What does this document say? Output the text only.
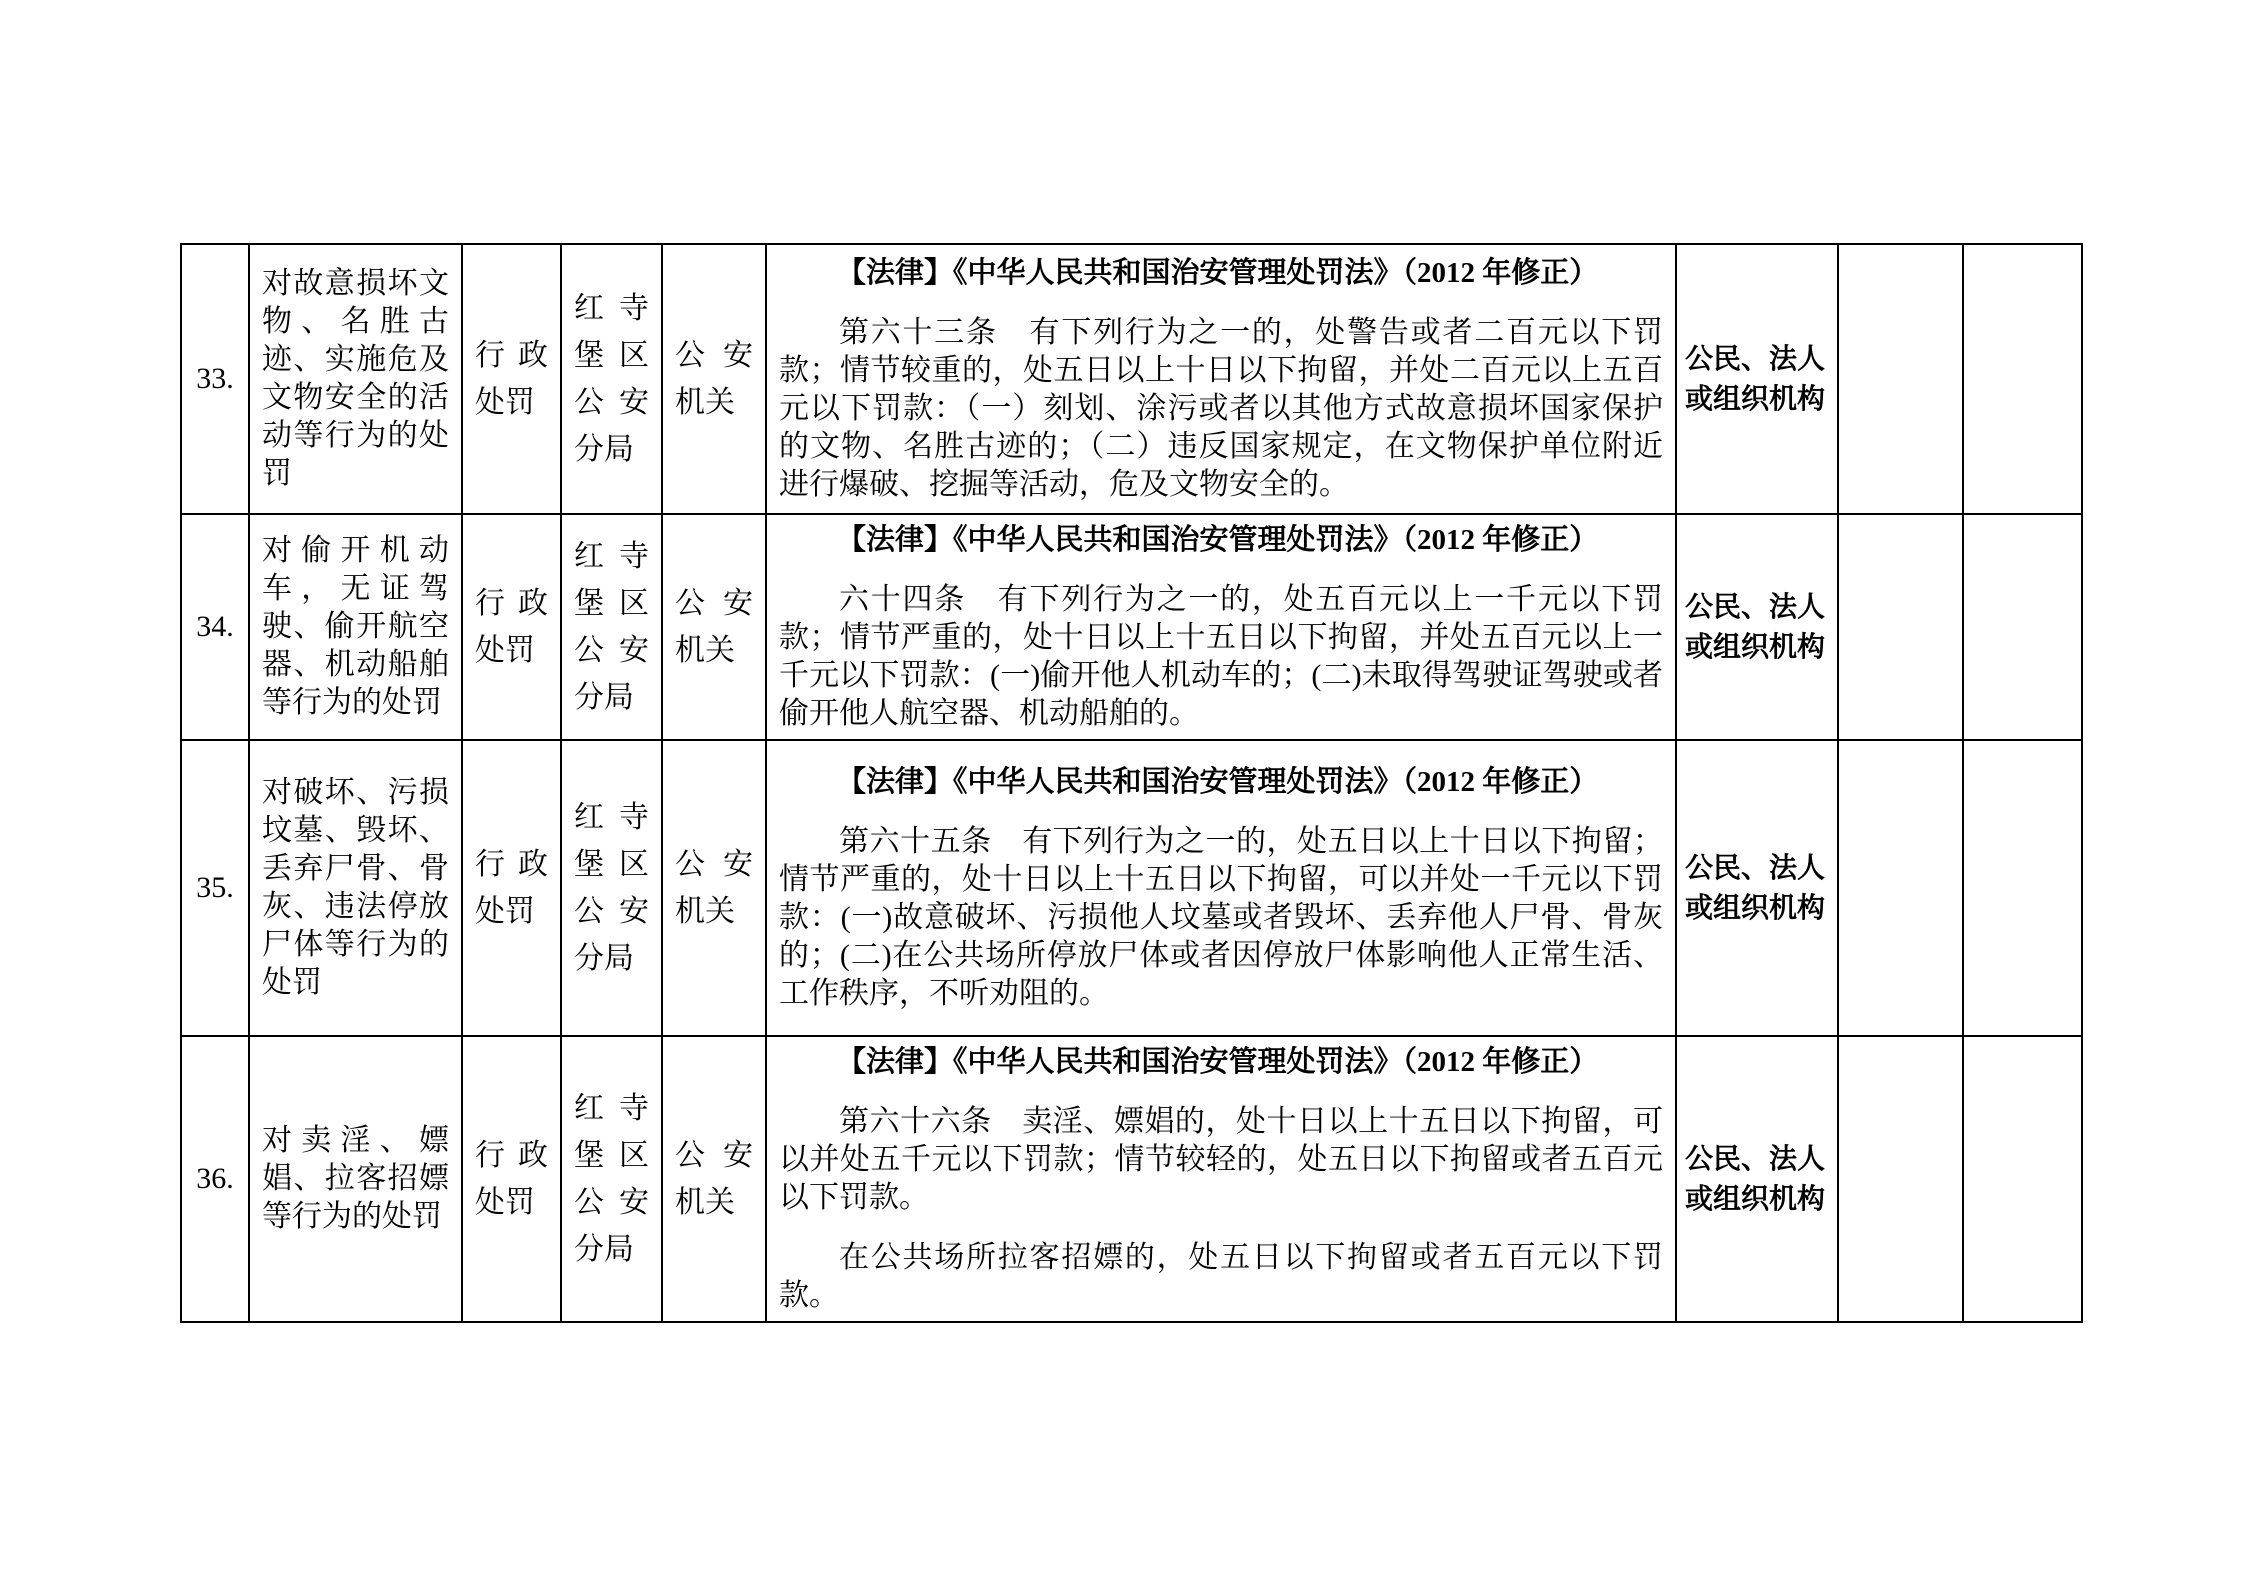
33.	对故意损坏文物、名胜古迹、实施危及文物安全的活动等行为的处罚	行政处罚	红寺堡区公安分局	公安机关	【法律】《中华人民共和国治安管理处罚法》（2012 年修正）
第六十三条　有下列行为之一的，处警告或者二百元以下罚款；情节较重的，处五日以上十日以下拘留，并处二百元以上五百元以下罚款：（一）刻划、涂污或者以其他方式故意损坏国家保护的文物、名胜古迹的；（二）违反国家规定，在文物保护单位附近进行爆破、挖掘等活动，危及文物安全的。	公民、法人或组织机构		

34.	对偷开机动车，无证驾驶、偷开航空器、机动船舶等行为的处罚	行政处罚	红寺堡区公安分局	公安机关	【法律】《中华人民共和国治安管理处罚法》（2012 年修正）
六十四条　有下列行为之一的，处五百元以上一千元以下罚款；情节严重的，处十日以上十五日以下拘留，并处五百元以上一千元以下罚款：(一)偷开他人机动车的；(二)未取得驾驶证驾驶或者偷开他人航空器、机动船舶的。	公民、法人或组织机构		

35.	对破坏、污损坟墓、毁坏、丢弃尸骨、骨灰、违法停放尸体等行为的处罚	行政处罚	红寺堡区公安分局	公安机关	【法律】《中华人民共和国治安管理处罚法》（2012 年修正）
第六十五条　有下列行为之一的，处五日以上十日以下拘留；情节严重的，处十日以上十五日以下拘留，可以并处一千元以下罚款：(一)故意破坏、污损他人坟墓或者毁坏、丢弃他人尸骨、骨灰的；(二)在公共场所停放尸体或者因停放尸体影响他人正常生活、工作秩序，不听劝阻的。	公民、法人或组织机构		

36.	对卖淫、嫖娼、拉客招嫖等行为的处罚	行政处罚	红寺堡区公安分局	公安机关	【法律】《中华人民共和国治安管理处罚法》（2012 年修正）
第六十六条　卖淫、嫖娼的，处十日以上十五日以下拘留，可以并处五千元以下罚款；情节较轻的，处五日以下拘留或者五百元以下罚款。
在公共场所拉客招嫖的，处五日以下拘留或者五百元以下罚款。	公民、法人或组织机构		
